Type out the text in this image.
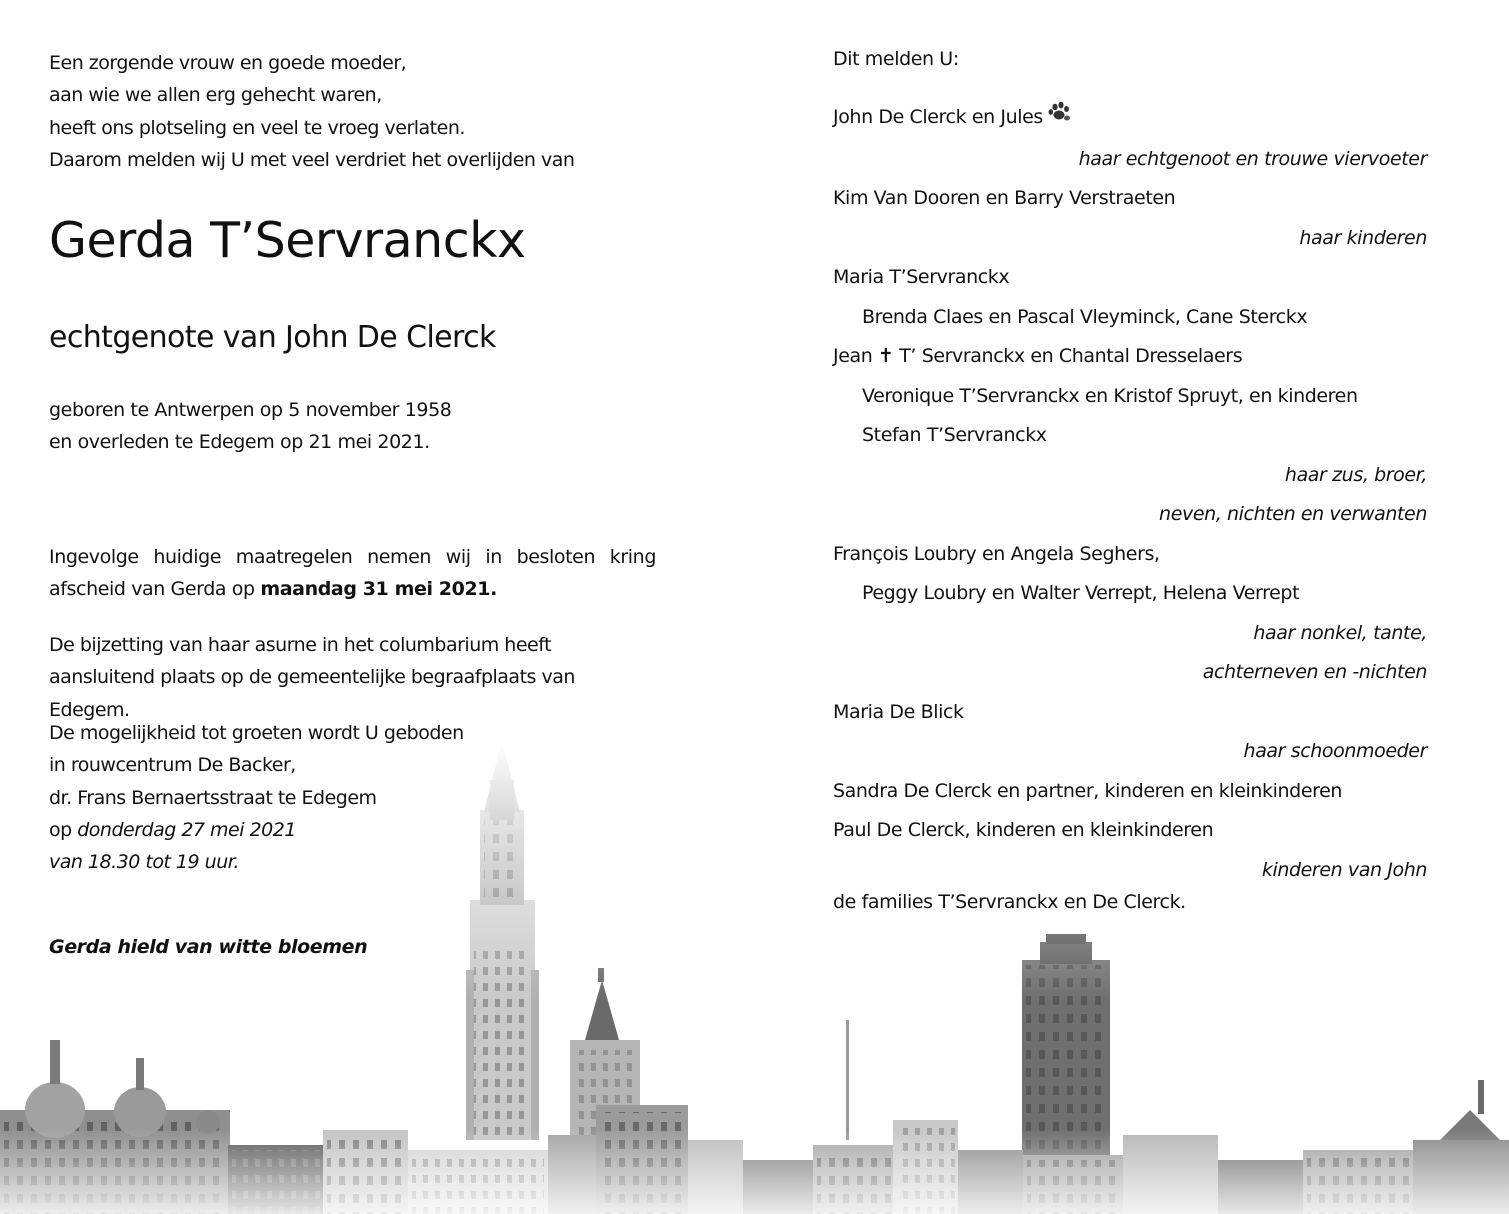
Een zorgende vrouw en goede moeder,

aan wie we allen erg gehecht waren,

heeft ons plotseling en veel te vroeg verlaten.

Daarom melden wij U met veel verdriet het overlijden van

Gerda T’Servranckx

echtgenote van John De Clerck

geboren te Antwerpen op 5 november 1958

en overleden te Edegem op 21 mei 2021.

Ingevolge huidige maatregelen nemen wij in besloten kring afscheid van Gerda op maandag 31 mei 2021.

De bijzetting van haar asurne in het columbarium heeft aansluitend plaats op de gemeentelijke begraafplaats van Edegem.

De mogelijkheid tot groeten wordt U geboden

in rouwcentrum De Backer,

dr. Frans Bernaertsstraat te Edegem

op donderdag 27 mei 2021

van 18.30 tot 19 uur.

Gerda hield van witte bloemen

Dit melden U:

John De Clerck en Jules

haar echtgenoot en trouwe viervoeter

Kim Van Dooren en Barry Verstraeten

haar kinderen

Maria T’Servranckx

Brenda Claes en Pascal Vleyminck, Cane Sterckx

Jean ✝ T’ Servranckx en Chantal Dresselaers

Veronique T’Servranckx en Kristof Spruyt, en kinderen

Stefan T’Servranckx

haar zus, broer,

neven, nichten en verwanten

François Loubry en Angela Seghers,

Peggy Loubry en Walter Verrept, Helena Verrept

haar nonkel, tante,

achterneven en -nichten

Maria De Blick

haar schoonmoeder

Sandra De Clerck en partner, kinderen en kleinkinderen

Paul De Clerck, kinderen en kleinkinderen

kinderen van John

de families T’Servranckx en De Clerck.
